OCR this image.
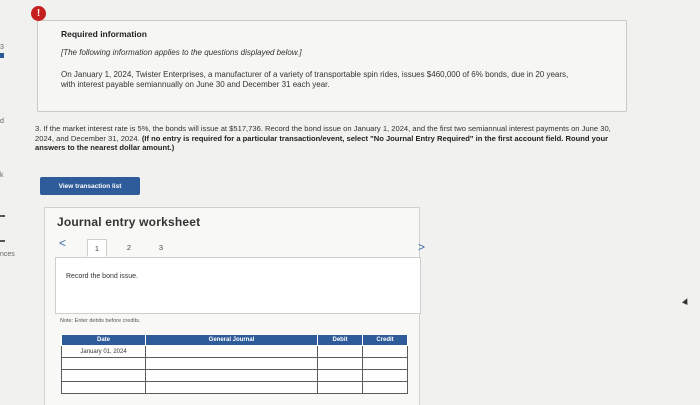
3
d
k
nces
Required information
[The following information applies to the questions displayed below.]
On January 1, 2024, Twister Enterprises, a manufacturer of a variety of transportable spin rides, issues $460,000 of 6% bonds, due in 20 years, with interest payable semiannually on June 30 and December 31 each year.
!
3. If the market interest rate is 5%, the bonds will issue at $517,736. Record the bond issue on January 1, 2024, and the first two semiannual interest payments on June 30, 2024, and December 31, 2024. (If no entry is required for a particular transaction/event, select "No Journal Entry Required" in the first account field. Round your answers to the nearest dollar amount.)
View transaction list
Journal entry worksheet
<	1	2	3
Record the bond issue.
Note: Enter debits before credits.
Date	General Journal	Debit	Credit
January 01, 2024			

>
